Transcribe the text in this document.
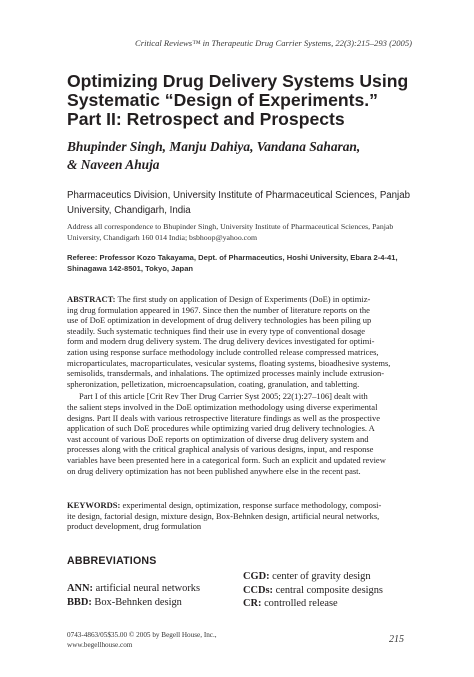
Critical Reviews™ in Therapeutic Drug Carrier Systems, 22(3):215–293 (2005)
Optimizing Drug Delivery Systems Using
Systematic “Design of Experiments.”
Part II: Retrospect and Prospects
Bhupinder Singh, Manju Dahiya, Vandana Saharan,
& Naveen Ahuja
Pharmaceutics Division, University Institute of Pharmaceutical Sciences, Panjab
University, Chandigarh, India
Address all correspondence to Bhupinder Singh, University Institute of Pharmaceutical Sciences, Panjab
University, Chandigarh 160 014 India; bsbhoop@yahoo.com
Referee: Professor Kozo Takayama, Dept. of Pharmaceutics, Hoshi University, Ebara 2-4-41,
Shinagawa 142-8501, Tokyo, Japan
ABSTRACT: The first study on application of Design of Experiments (DoE) in optimiz-
ing drug formulation appeared in 1967. Since then the number of literature reports on the
use of DoE optimization in development of drug delivery technologies has been piling up
steadily. Such systematic techniques find their use in every type of conventional dosage
form and modern drug delivery system. The drug delivery devices investigated for optimi-
zation using response surface methodology include controlled release compressed matrices,
microparticulates, macroparticulates, vesicular systems, floating systems, bioadhesive systems,
semisolids, transdermals, and inhalations. The optimized processes mainly include extrusion-
spheronization, pelletization, microencapsulation, coating, granulation, and tabletting.
Part I of this article [Crit Rev Ther Drug Carrier Syst 2005; 22(1):27–106] dealt with
the salient steps involved in the DoE optimization methodology using diverse experimental
designs. Part II deals with various retrospective literature findings as well as the prospective
application of such DoE procedures while optimizing varied drug delivery technologies. A
vast account of various DoE reports on optimization of diverse drug delivery system and
processes along with the critical graphical analysis of various designs, input, and response
variables have been presented here in a categorical form. Such an explicit and updated review
on drug delivery optimization has not been published anywhere else in the recent past.
KEYWORDS: experimental design, optimization, response surface methodology, composi-
ite design, factorial design, mixture design, Box-Behnken design, artificial neural networks,
product development, drug formulation
ABBREVIATIONS
ANN: artificial neural networks
BBD: Box-Behnken design
CGD: center of gravity design
CCDs: central composite designs
CR: controlled release
0743-4863/05$35.00 © 2005 by Begell House, Inc.,
www.begellhouse.com	215
